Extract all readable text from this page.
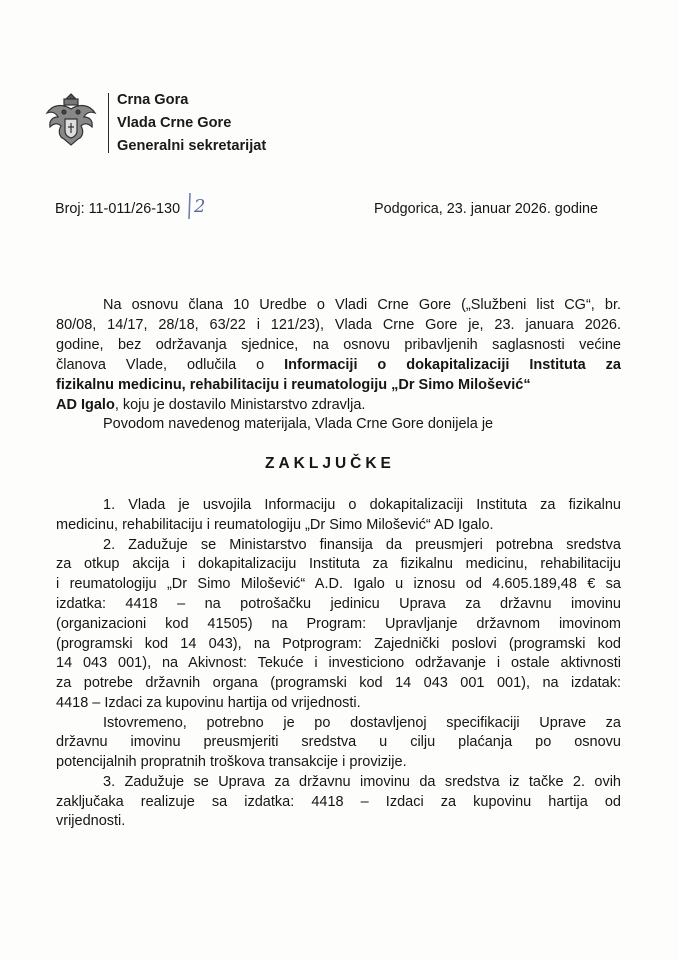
Crna Gora
Vlada Crne Gore
Generalni sekretarijat
Broj: 11-011/26-130 2	Podgorica, 23. januar 2026. godine
Na osnovu člana 10 Uredbe o Vladi Crne Gore („Službeni list CG“, br.
80/08, 14/17, 28/18, 63/22 i 121/23), Vlada Crne Gore je, 23. januara 2026.
godine, bez održavanja sjednice, na osnovu pribavljenih saglasnosti većine
članova Vlade, odlučila o Informaciji o dokapitalizaciji Instituta za
fizikalnu medicinu, rehabilitaciju i reumatologiju „Dr Simo Milošević“
AD Igalo, koju je dostavilo Ministarstvo zdravlja.
Povodom navedenog materijala, Vlada Crne Gore donijela je
ZAKLJUČKE
1. Vlada je usvojila Informaciju o dokapitalizaciji Instituta za fizikalnu
medicinu, rehabilitaciju i reumatologiju „Dr Simo Milošević“ AD Igalo.
2. Zadužuje se Ministarstvo finansija da preusmjeri potrebna sredstva
za otkup akcija i dokapitalizaciju Instituta za fizikalnu medicinu, rehabilitaciju
i reumatologiju „Dr Simo Milošević“ A.D. Igalo u iznosu od 4.605.189,48 € sa
izdatka: 4418 – na potrošačku jedinicu Uprava za državnu imovinu
(organizacioni kod 41505) na Program: Upravljanje državnom imovinom
(programski kod 14 043), na Potprogram: Zajednički poslovi (programski kod
14 043 001), na Akivnost: Tekuće i investiciono održavanje i ostale aktivnosti
za potrebe državnih organa (programski kod 14 043 001 001), na izdatak:
4418 – Izdaci za kupovinu hartija od vrijednosti.
Istovremeno, potrebno je po dostavljenoj specifikaciji Uprave za
državnu imovinu preusmjeriti sredstva u cilju plaćanja po osnovu
potencijalnih propratnih troškova transakcije i provizije.
3. Zadužuje se Uprava za državnu imovinu da sredstva iz tačke 2. ovih
zaključaka realizuje sa izdatka: 4418 – Izdaci za kupovinu hartija od
vrijednosti.
